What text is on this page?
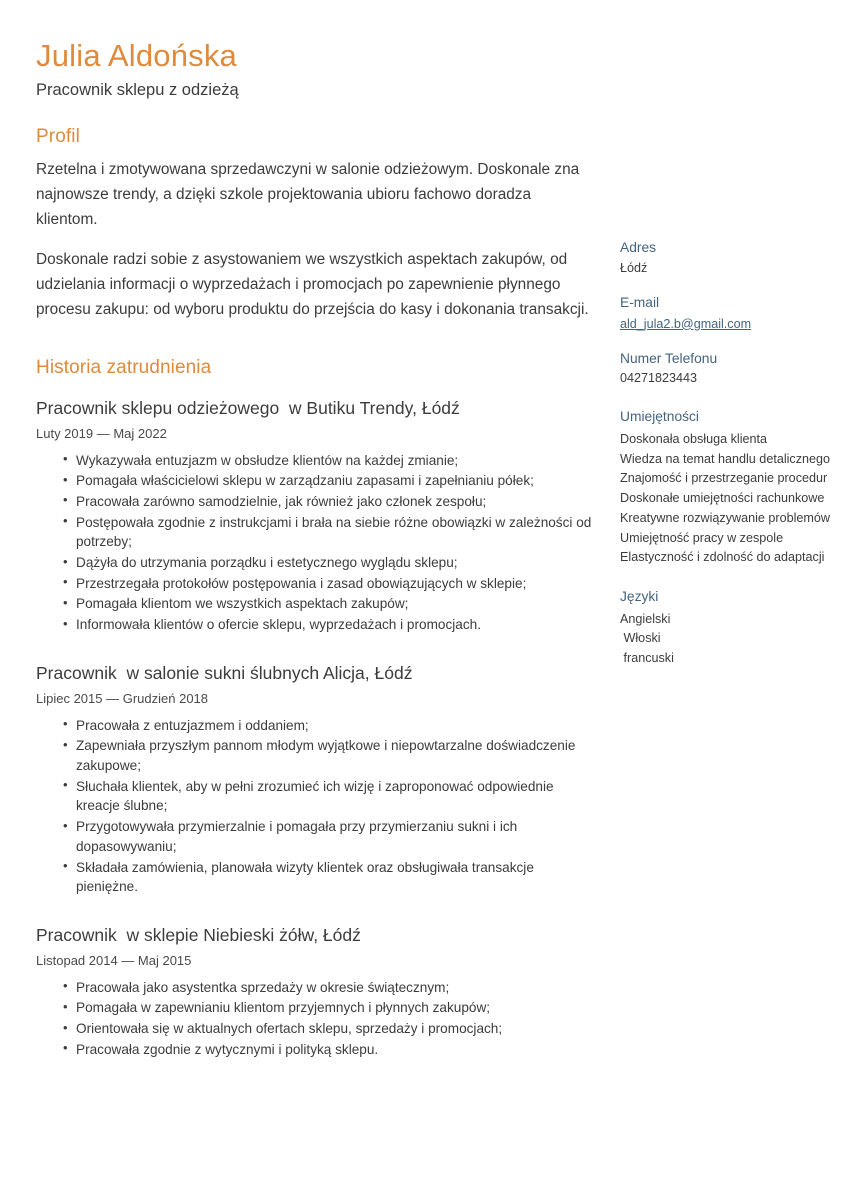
Julia Aldońska
Pracownik sklepu z odzieżą
Profil

Rzetelna i zmotywowana sprzedawczyni w salonie odzieżowym. Doskonale zna najnowsze trendy, a dzięki szkole projektowania ubioru fachowo doradza klientom.

Doskonale radzi sobie z asystowaniem we wszystkich aspektach zakupów, od udzielania informacji o wyprzedażach i promocjach po zapewnienie płynnego procesu zakupu: od wyboru produktu do przejścia do kasy i dokonania transakcji.

Historia zatrudnienia
Pracownik sklepu odzieżowego  w Butiku Trendy, Łódź
Luty 2019 — Maj 2022
• Wykazywała entuzjazm w obsłudze klientów na każdej zmianie;
• Pomagała właścicielowi sklepu w zarządzaniu zapasami i zapełnianiu półek;
• Pracowała zarówno samodzielnie, jak również jako członek zespołu;
• Postępowała zgodnie z instrukcjami i brała na siebie różne obowiązki w zależności od potrzeby;
• Dążyła do utrzymania porządku i estetycznego wyglądu sklepu;
• Przestrzegała protokołów postępowania i zasad obowiązujących w sklepie;
• Pomagała klientom we wszystkich aspektach zakupów;
• Informowała klientów o ofercie sklepu, wyprzedażach i promocjach.
Pracownik  w salonie sukni ślubnych Alicja, Łódź
Lipiec 2015 — Grudzień 2018
• Pracowała z entuzjazmem i oddaniem;
• Zapewniała przyszłym pannom młodym wyjątkowe i niepowtarzalne doświadczenie zakupowe;
• Słuchała klientek, aby w pełni zrozumieć ich wizję i zaproponować odpowiednie kreacje ślubne;
• Przygotowywała przymierzalnie i pomagała przy przymierzaniu sukni i ich dopasowywaniu;
• Składała zamówienia, planowała wizyty klientek oraz obsługiwała transakcje pieniężne.
Pracownik  w sklepie Niebieski żółw, Łódź
Listopad 2014 — Maj 2015
• Pracowała jako asystentka sprzedaży w okresie świątecznym;
• Pomagała w zapewnianiu klientom przyjemnych i płynnych zakupów;
• Orientowała się w aktualnych ofertach sklepu, sprzedaży i promocjach;
• Pracowała zgodnie z wytycznymi i polityką sklepu.
Adres
Łódź
E-mail
ald_jula2.b@gmail.com
Numer Telefonu
04271823443
Umiejętności
Doskonała obsługa klienta
Wiedza na temat handlu detalicznego
Znajomość i przestrzeganie procedur
Doskonałe umiejętności rachunkowe
Kreatywne rozwiązywanie problemów
Umiejętność pracy w zespole
Elastyczność i zdolność do adaptacji
Języki
Angielski
Włoski
francuski
